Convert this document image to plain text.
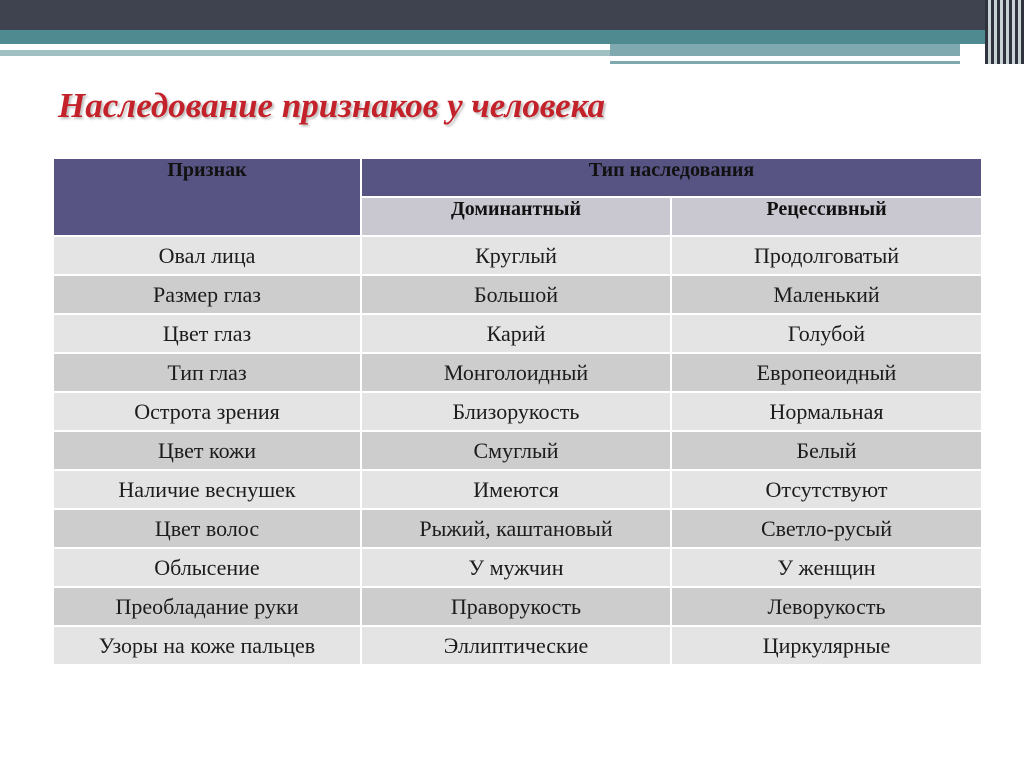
Наследование признаков у человека
Признак	Тип наследования	
	Доминантный	Рецессивный
Овал лица	Круглый	Продолговатый
Размер глаз	Большой	Маленький
Цвет глаз	Карий	Голубой
Тип глаз	Монголоидный	Европеоидный
Острота зрения	Близорукость	Нормальная
Цвет кожи	Смуглый	Белый
Наличие веснушек	Имеются	Отсутствуют
Цвет волос	Рыжий, каштановый	Светло-русый
Облысение	У мужчин	У женщин
Преобладание руки	Праворукость	Леворукость
Узоры на коже пальцев	Эллиптические	Циркулярные
